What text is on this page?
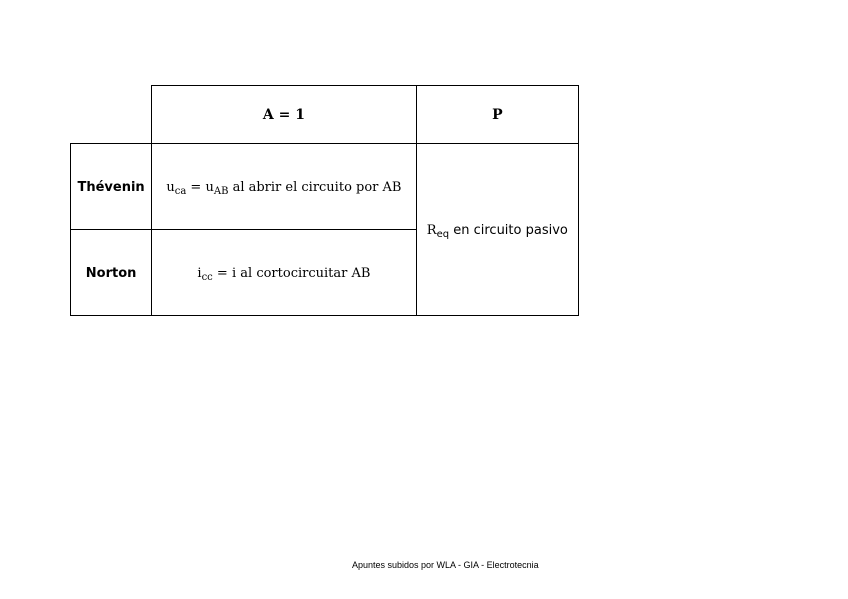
	A = 1	P
Thévenin	$u_{ca} = u_{AB}$ al abrir el circuito por AB	$R_{eq}$ en circuito pasivo
Norton	$i_{cc} = i$ al cortocircuitar AB	
Apuntes subidos por WLA - GIA - Electrotecnia
